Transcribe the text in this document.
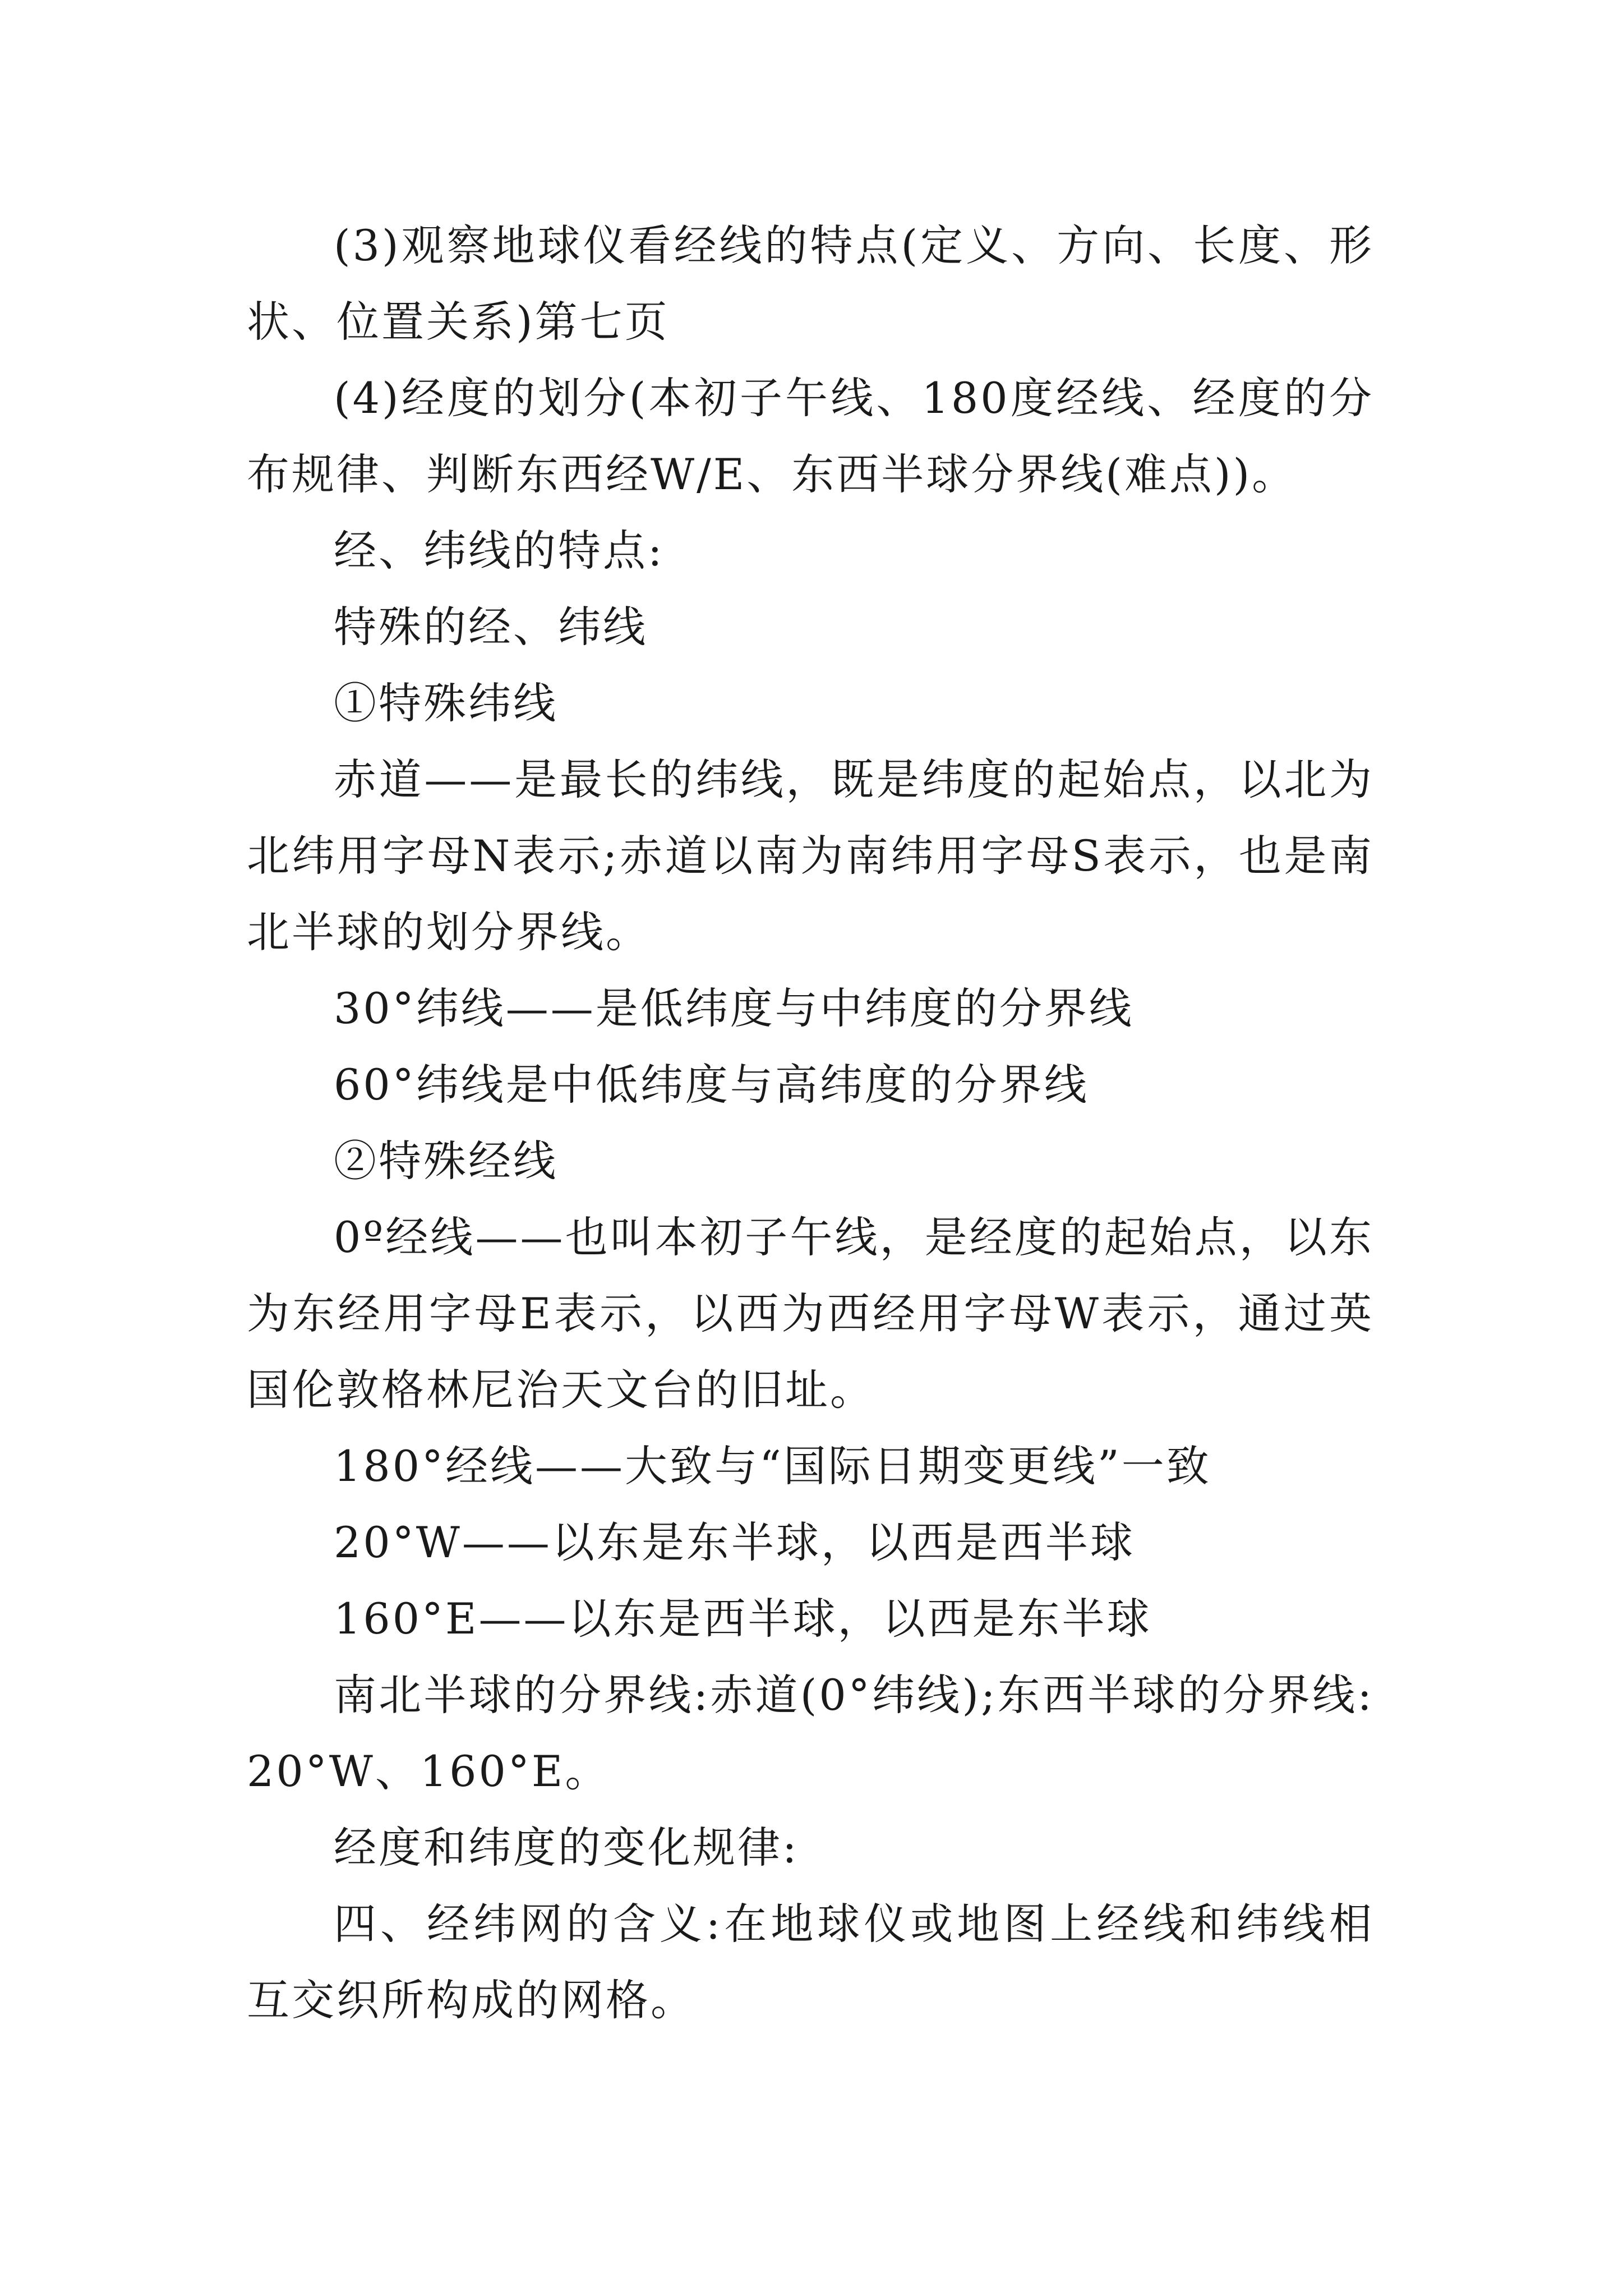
(3)观察地球仪看经线的特点(定义、方向、长度、形状、位置关系)第七页

(4)经度的划分(本初子午线、180度经线、经度的分布规律、判断东西经W/E、东西半球分界线(难点))。

经、纬线的特点:

特殊的经、纬线

①特殊纬线

赤道——是最长的纬线，既是纬度的起始点，以北为北纬用字母N表示;赤道以南为南纬用字母S表示，也是南北半球的划分界线。

30°纬线——是低纬度与中纬度的分界线

60°纬线是中低纬度与高纬度的分界线

②特殊经线

0º经线——也叫本初子午线，是经度的起始点，以东为东经用字母E表示，以西为西经用字母W表示，通过英国伦敦格林尼治天文台的旧址。

180°经线——大致与“国际日期变更线”一致

20°W——以东是东半球，以西是西半球

160°E——以东是西半球，以西是东半球

南北半球的分界线:赤道(0°纬线);东西半球的分界线:20°W、160°E。

经度和纬度的变化规律:

四、经纬网的含义:在地球仪或地图上经线和纬线相互交织所构成的网格。
